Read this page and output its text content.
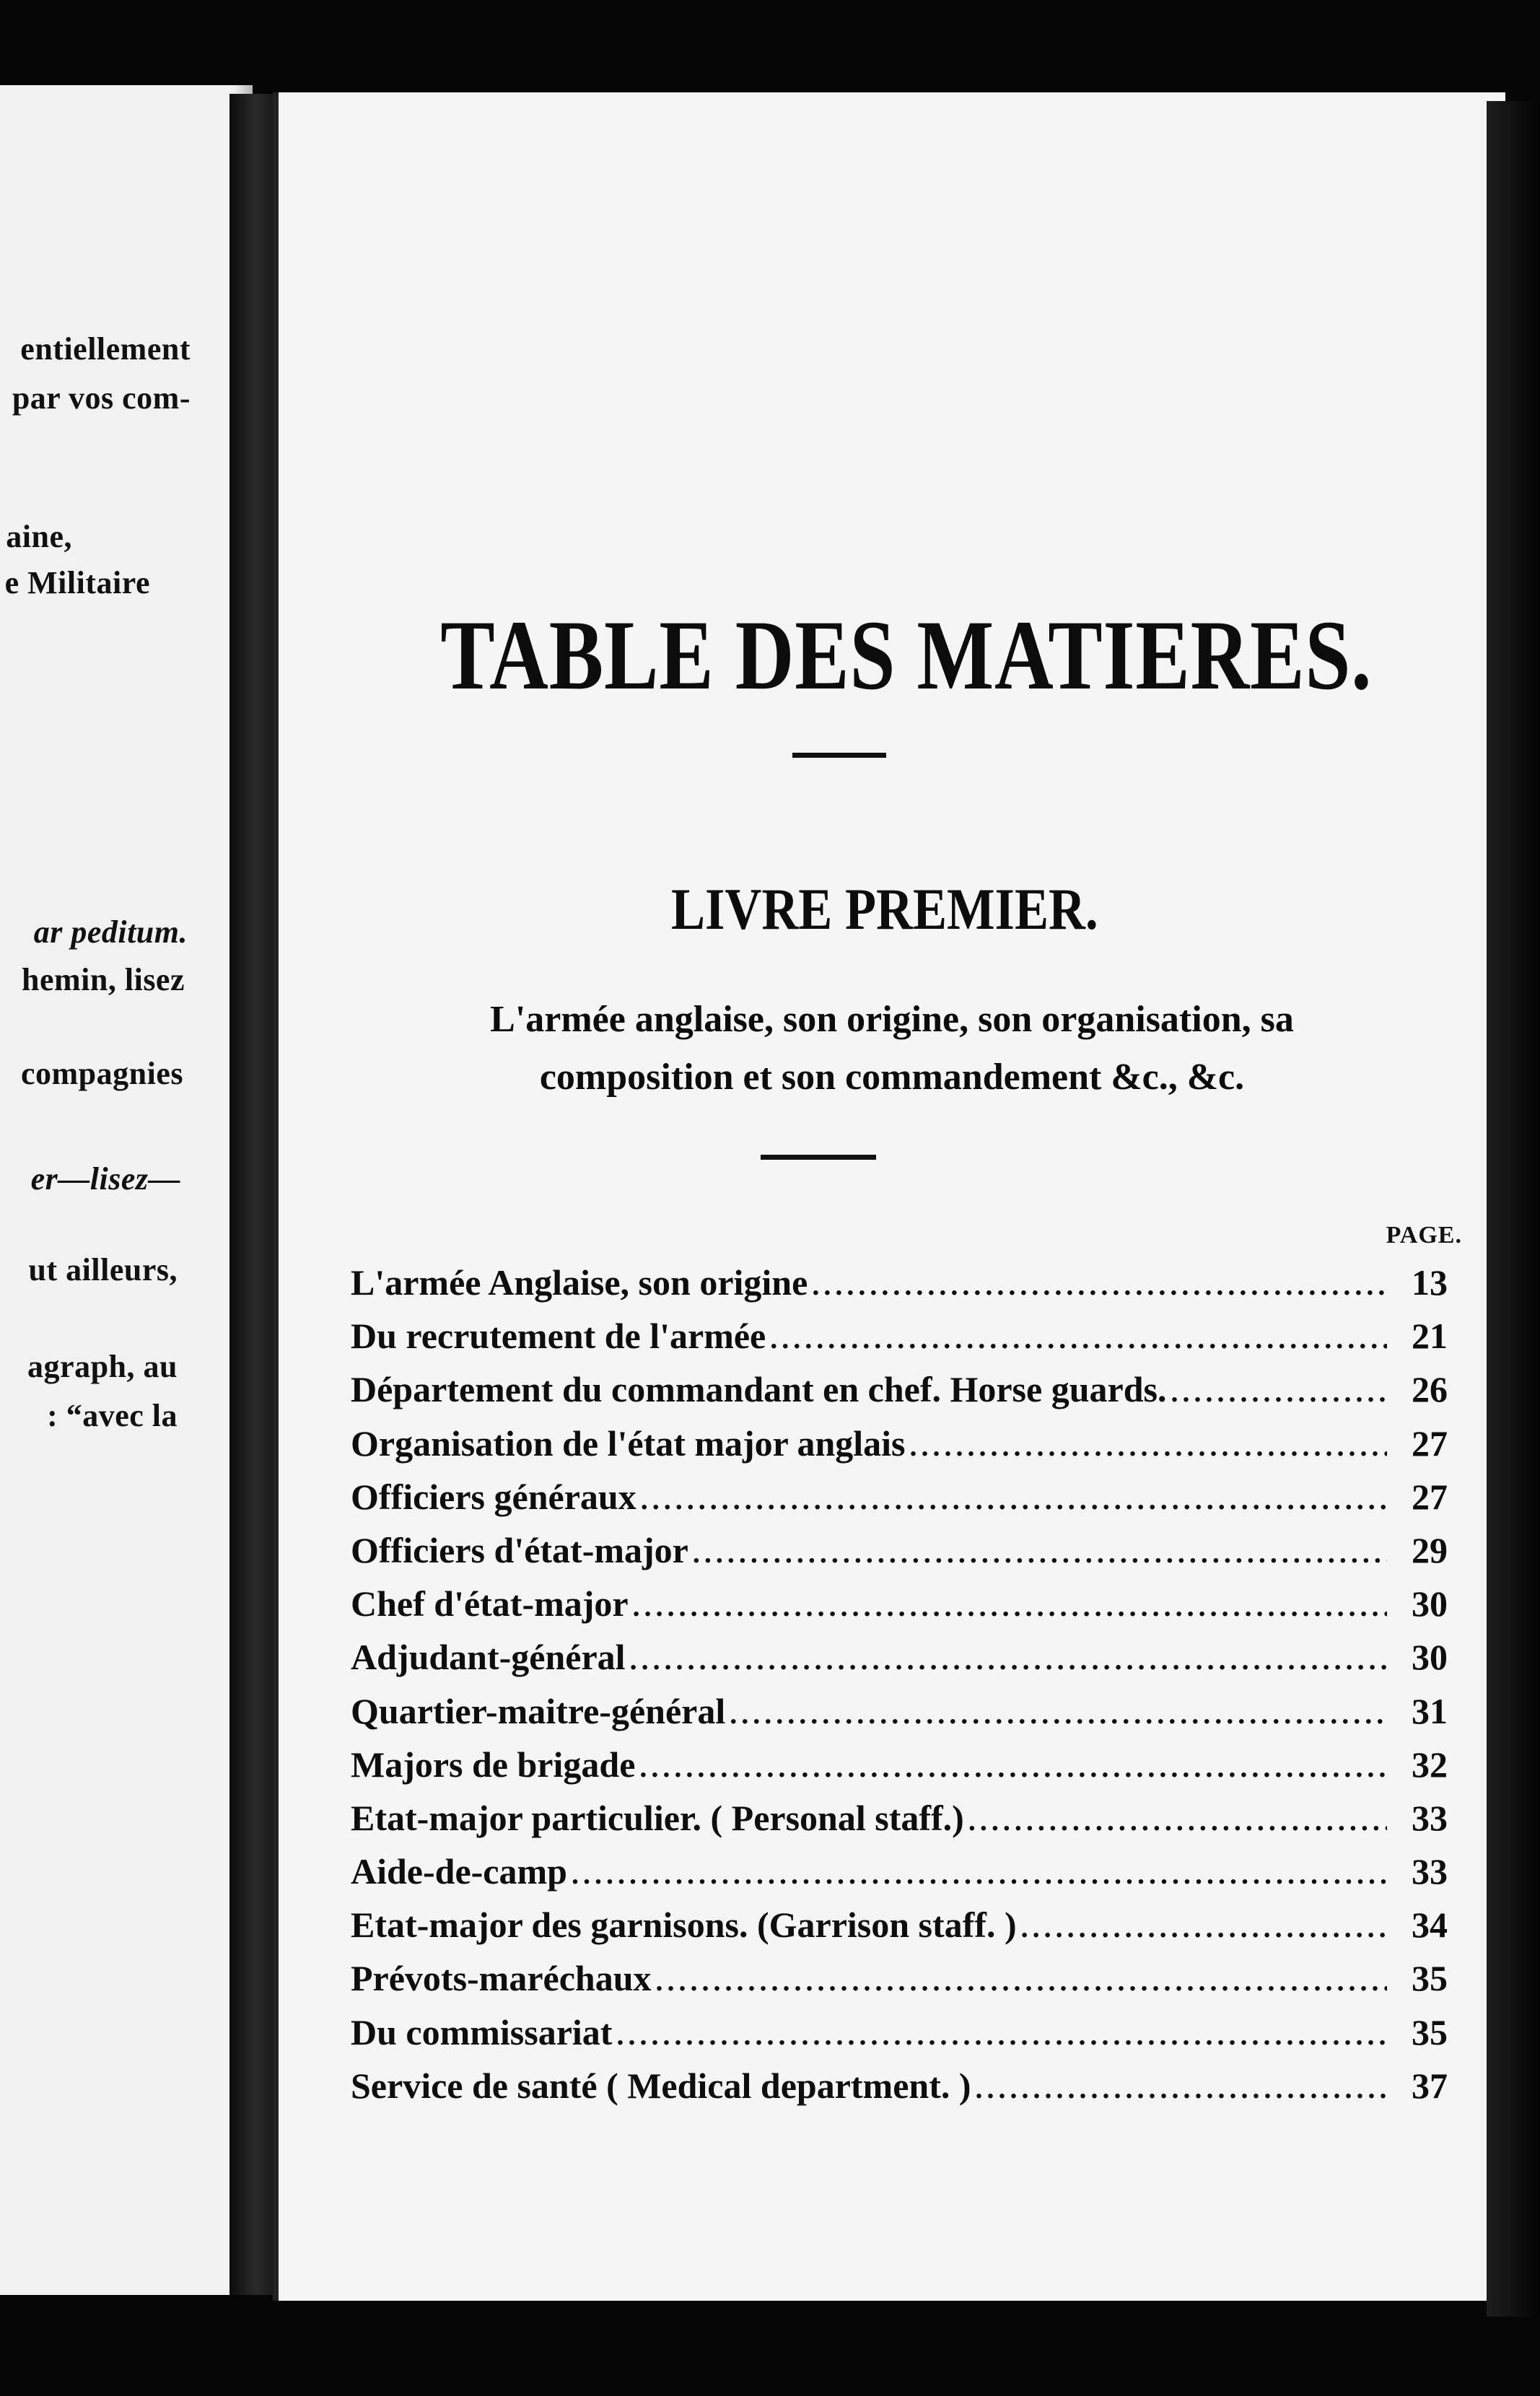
entiellement
par vos com-
aine,
e Militaire
ar peditum.
hemin, lisez
compagnies
er—lisez—
ut ailleurs,
agraph, au
: “avec la
TABLE DES MATIERES.
LIVRE PREMIER.
L'armée anglaise, son origine, son organisation, sa
composition et son commandement &c., &c.
PAGE.
L'armée Anglaise, son origine .....	13
Du recrutement de l'armée .....	21
Département du commandant en chef. Horse guards. .....	26
Organisation de l'état major anglais .....	27
Officiers généraux .....	27
Officiers d'état-major .....	29
Chef d'état-major .....	30
Adjudant-général .....	30
Quartier-maitre-général .....	31
Majors de brigade .....	32
Etat-major particulier. ( Personal staff.) .....	33
Aide-de-camp .....	33
Etat-major des garnisons. (Garrison staff. ) .....	34
Prévots-maréchaux .....	35
Du commissariat .....	35
Service de santé ( Medical department. ) .....	37
